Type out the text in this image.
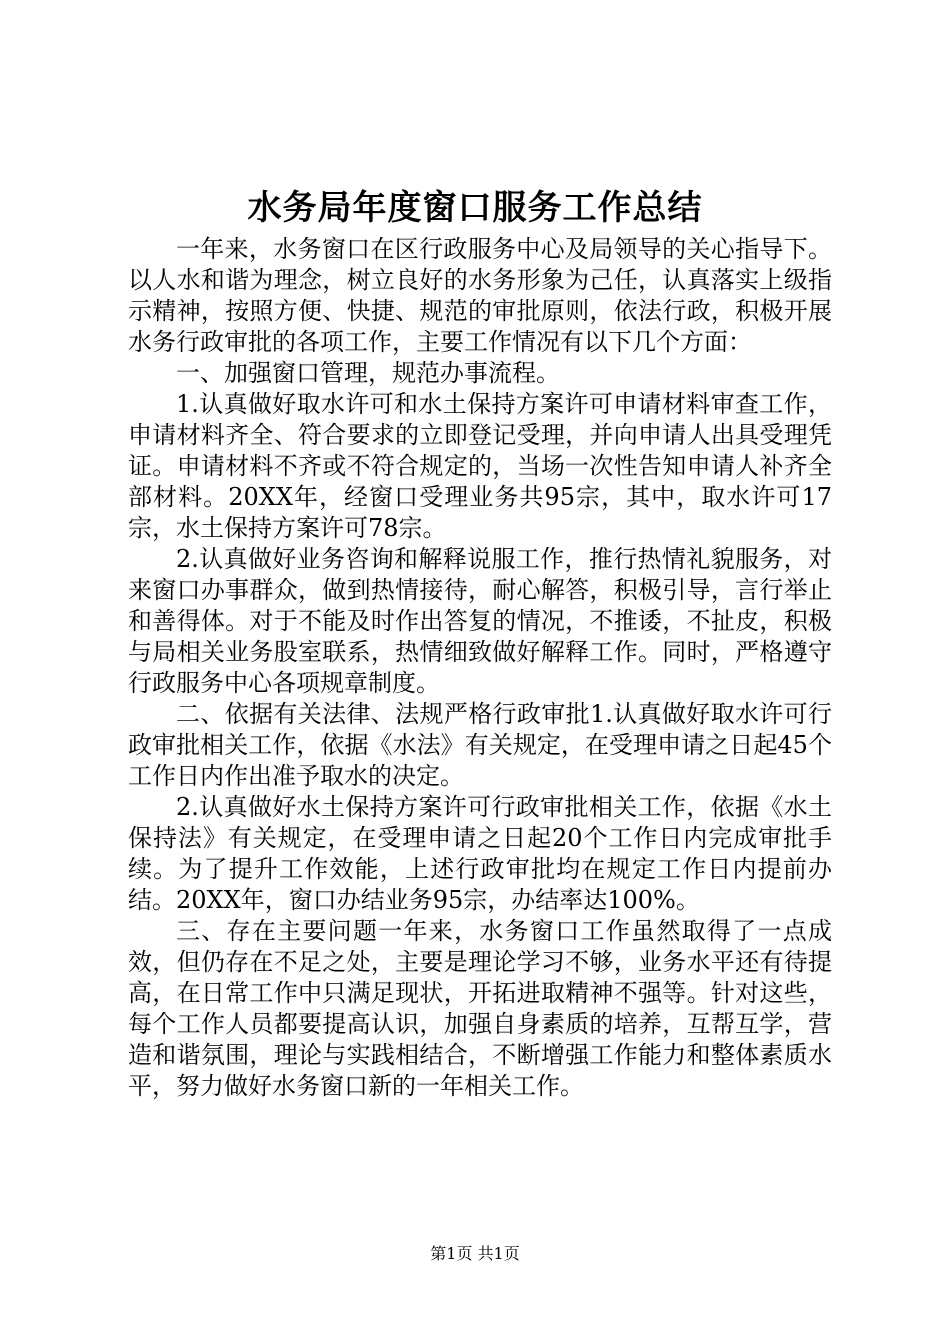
水务局年度窗口服务工作总结

一年来，水务窗口在区行政服务中心及局领导的关心指导下。以人水和谐为理念，树立良好的水务形象为己任，认真落实上级指示精神，按照方便、快捷、规范的审批原则，依法行政，积极开展水务行政审批的各项工作，主要工作情况有以下几个方面：

一、加强窗口管理，规范办事流程。

1.认真做好取水许可和水土保持方案许可申请材料审查工作，申请材料齐全、符合要求的立即登记受理，并向申请人出具受理凭证。申请材料不齐或不符合规定的，当场一次性告知申请人补齐全部材料。20XX年，经窗口受理业务共95宗，其中，取水许可17宗，水土保持方案许可78宗。

2.认真做好业务咨询和解释说服工作，推行热情礼貌服务，对来窗口办事群众，做到热情接待，耐心解答，积极引导，言行举止和善得体。对于不能及时作出答复的情况，不推诿，不扯皮，积极与局相关业务股室联系，热情细致做好解释工作。同时，严格遵守行政服务中心各项规章制度。

二、依据有关法律、法规严格行政审批1.认真做好取水许可行政审批相关工作，依据《水法》有关规定，在受理申请之日起45个工作日内作出准予取水的决定。

2.认真做好水土保持方案许可行政审批相关工作，依据《水土保持法》有关规定，在受理申请之日起20个工作日内完成审批手续。为了提升工作效能，上述行政审批均在规定工作日内提前办结。20XX年，窗口办结业务95宗，办结率达100%。

三、存在主要问题一年来，水务窗口工作虽然取得了一点成效，但仍存在不足之处，主要是理论学习不够，业务水平还有待提高，在日常工作中只满足现状，开拓进取精神不强等。针对这些，每个工作人员都要提高认识，加强自身素质的培养，互帮互学，营造和谐氛围，理论与实践相结合，不断增强工作能力和整体素质水平，努力做好水务窗口新的一年相关工作。

第1页 共1页
